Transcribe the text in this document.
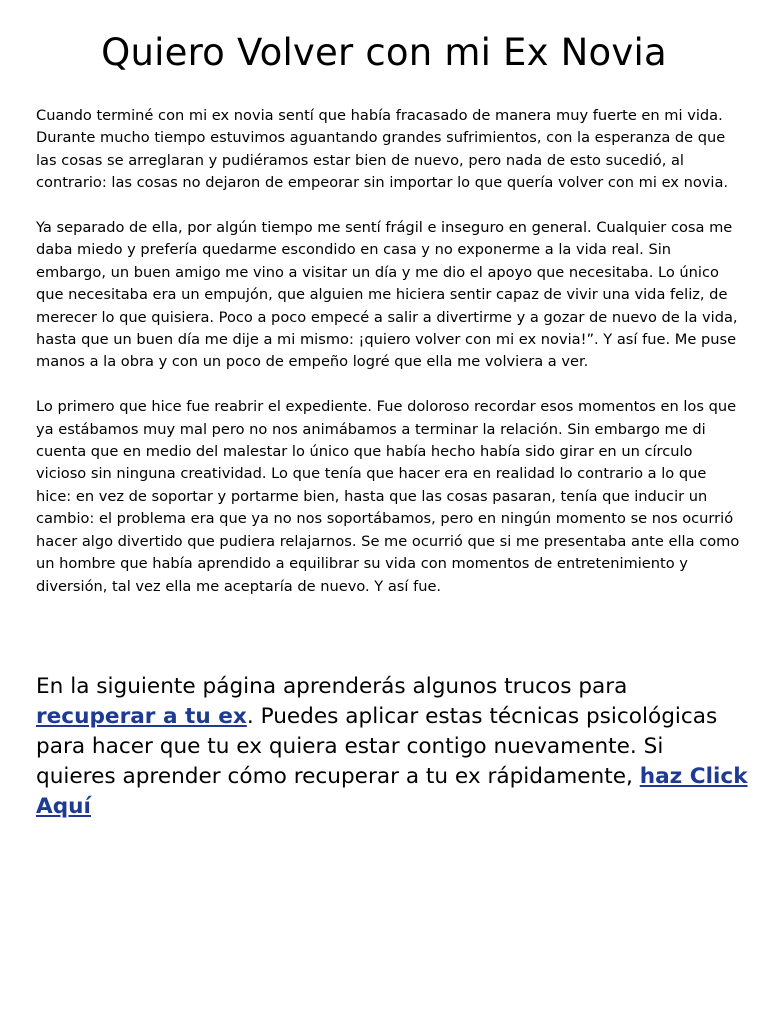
Quiero Volver con mi Ex Novia

Cuando terminé con mi ex novia sentí que había fracasado de manera muy fuerte en mi vida. Durante mucho tiempo estuvimos aguantando grandes sufrimientos, con la esperanza de que las cosas se arreglaran y pudiéramos estar bien de nuevo, pero nada de esto sucedió, al contrario: las cosas no dejaron de empeorar sin importar lo que quería volver con mi ex novia.

Ya separado de ella, por algún tiempo me sentí frágil e inseguro en general. Cualquier cosa me daba miedo y prefería quedarme escondido en casa y no exponerme a la vida real. Sin embargo, un buen amigo me vino a visitar un día y me dio el apoyo que necesitaba. Lo único que necesitaba era un empujón, que alguien me hiciera sentir capaz de vivir una vida feliz, de merecer lo que quisiera. Poco a poco empecé a salir a divertirme y a gozar de nuevo de la vida, hasta que un buen día me dije a mi mismo: ¡quiero volver con mi ex novia!”. Y así fue. Me puse manos a la obra y con un poco de empeño logré que ella me volviera a ver.

Lo primero que hice fue reabrir el expediente. Fue doloroso recordar esos momentos en los que ya estábamos muy mal pero no nos animábamos a terminar la relación. Sin embargo me di cuenta que en medio del malestar lo único que había hecho había sido girar en un círculo vicioso sin ninguna creatividad. Lo que tenía que hacer era en realidad lo contrario a lo que hice: en vez de soportar y portarme bien, hasta que las cosas pasaran, tenía que inducir un cambio: el problema era que ya no nos soportábamos, pero en ningún momento se nos ocurrió hacer algo divertido que pudiera relajarnos. Se me ocurrió que si me presentaba ante ella como un hombre que había aprendido a equilibrar su vida con momentos de entretenimiento y diversión, tal vez ella me aceptaría de nuevo. Y así fue.

En la siguiente página aprenderás algunos trucos para recuperar a tu ex. Puedes aplicar estas técnicas psicológicas para hacer que tu ex quiera estar contigo nuevamente. Si quieres aprender cómo recuperar a tu ex rápidamente, haz Click Aquí
